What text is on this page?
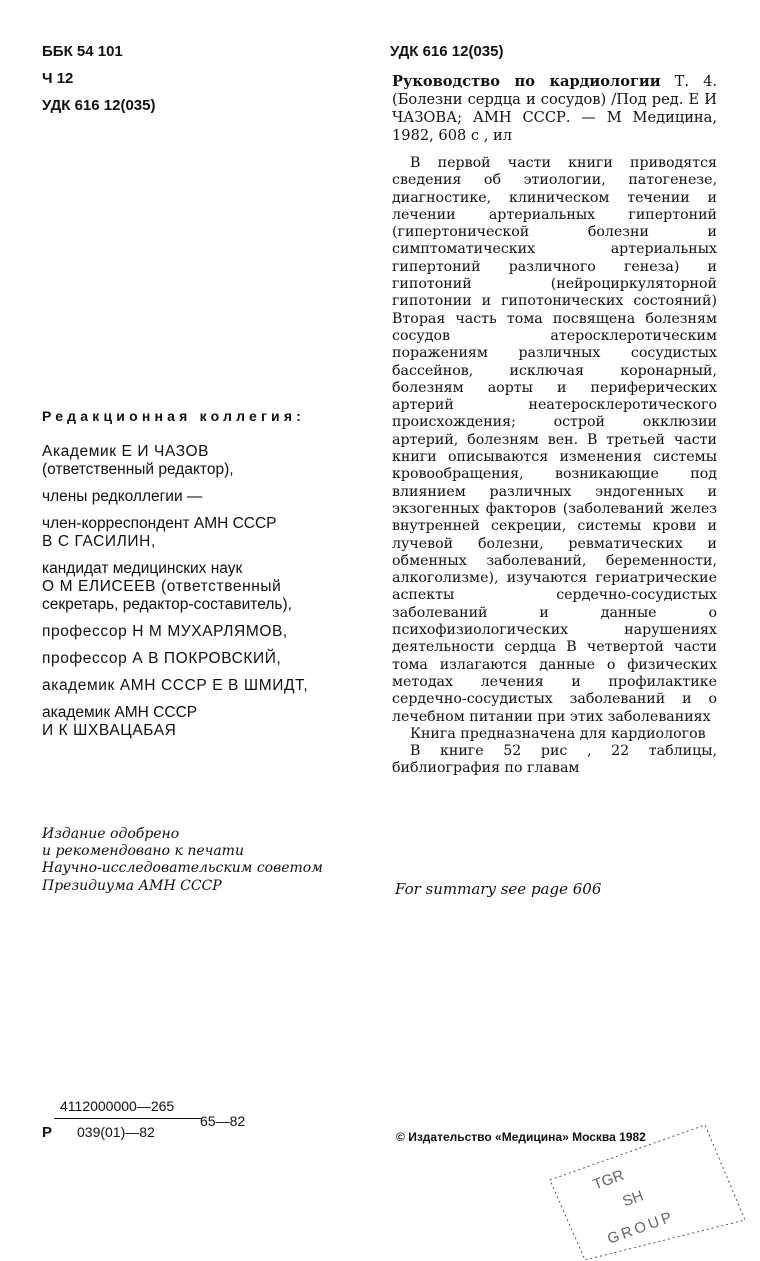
ББК 54 101
Ч 12
УДК 616 12(035)
УДК 616 12(035)
Руководство по кардиологии Т. 4. (Болезни сердца и сосудов) /Под ред. Е И ЧАЗОВА; АМН СССР. — М Медицина, 1982, 608 с , ил

В первой части книги приводятся сведения об этиологии, патогенезе, диагностике, клиническом течении и лечении артериальных гипертоний (гипертонической болезни и симптоматических артериальных гипертоний различного генеза) и гипотоний (нейроциркуляторной гипотонии и гипотонических состояний) Вторая часть тома посвящена болезням сосудов атеросклеротическим поражениям различных сосудистых бассейнов, исключая коронарный, болезням аорты и периферических артерий неатеросклеротического происхождения; острой окклюзии артерий, болезням вен. В третьей части книги описываются изменения системы кровообращения, возникающие под влиянием различных эндогенных и экзогенных факторов (заболеваний желез внутренней секреции, системы крови и лучевой болезни, ревматических и обменных заболеваний, беременности, алкоголизме), изучаются гериатрические аспекты сердечно-сосудистых заболеваний и данные о психофизиологических нарушениях деятельности сердца В четвертой части тома излагаются данные о физических методах лечения и профилактике сердечно-сосудистых заболеваний и о лечебном питании при этих заболеваниях

Книга предназначена для кардиологов

В книге 52 рис , 22 таблицы, библиография по главам

For summary see page 606
Редакционная коллегия:
Академик Е И ЧАЗОВ
(ответственный редактор),
члены редколлегии —
член-корреспондент АМН СССР
В С ГАСИЛИН,
кандидат медицинских наук
О М ЕЛИСЕЕВ (ответственный
секретарь, редактор-составитель),
профессор Н М МУХАРЛЯМОВ,
профессор А В ПОКРОВСКИЙ,
академик АМН СССР Е В ШМИДТ,
академик АМН СССР
И К ШХВАЦАБАЯ
Издание одобрено
и рекомендовано к печати
Научно-исследовательским советом
Президиума АМН СССР
4112000000—265
Р 039(01)—82
65—82
© Издательство «Медицина» Москва 1982
TGR
SH
GROUP
